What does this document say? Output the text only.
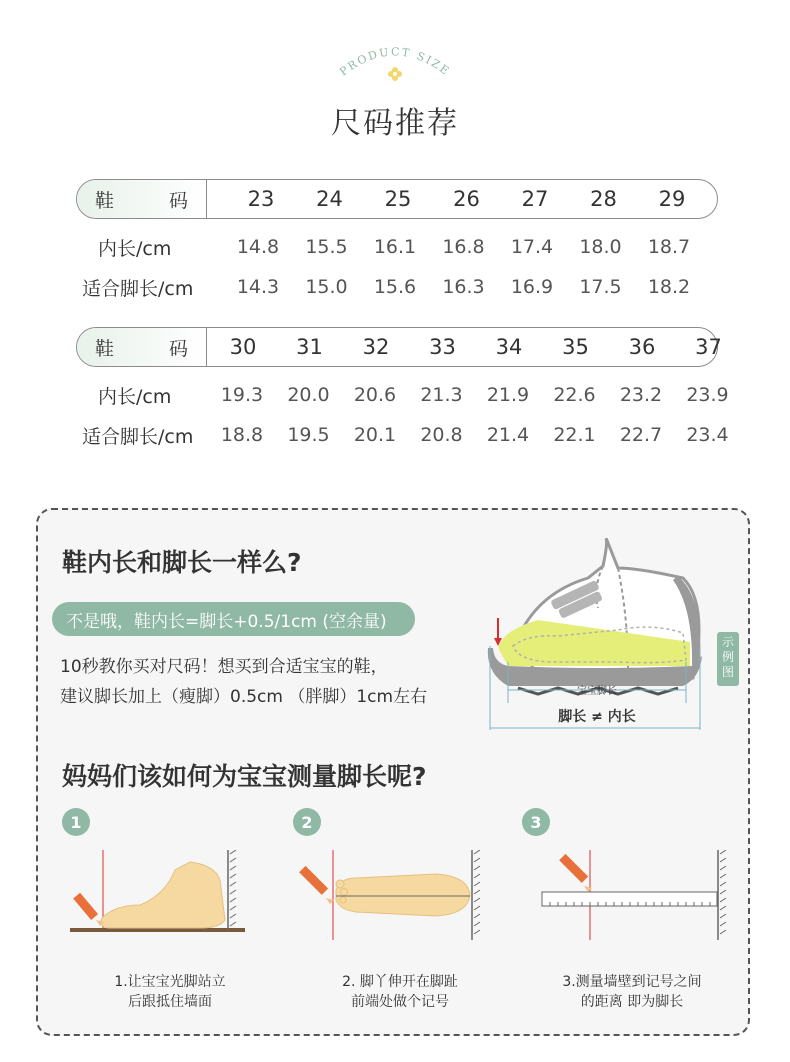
PRODUCT SIZE
尺码推荐
鞋　码	23	24	25	26	27	28	29
内长/cm	14.8 15.5 16.1 16.8 17.4 18.0 18.7
适合脚长/cm 14.3 15.0 15.6 16.3 16.9 17.5 18.2
鞋　码	30	31	32	33	34	35	36	37
内长/cm	19.3 20.0 20.6 21.3 21.9 22.6 23.2 23.9
适合脚长/cm 18.8 19.5 20.1 20.8 21.4 22.1 22.7 23.4
鞋内长和脚长一样么?
不是哦，鞋内长=脚长+0.5/1cm (空余量)
10秒教你买对尺码！想买到合适宝宝的鞋，
建议脚长加上（瘦脚）0.5cm （胖脚）1cm左右	宝宝脚长
脚长 ≠ 内长
示例图
妈妈们该如何为宝宝测量脚长呢?
1
1.让宝宝光脚站立
后跟抵住墙面
2
2. 脚丫伸开在脚趾
前端处做个记号
3
3.测量墙壁到记号之间
的距离 即为脚长
